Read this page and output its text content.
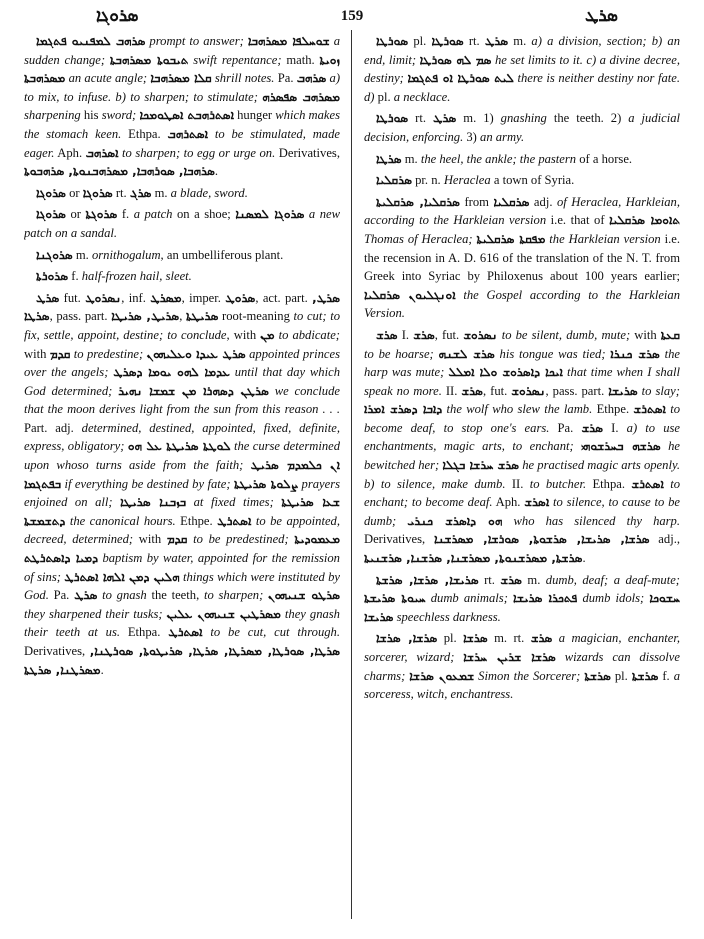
ܣܪܘܓܐ	159	ܣܪܛ

ܣܪܗܒ ܠܡܦܢܝܘ ܦܬܓܡܐ prompt to answer; ܫܘܚܠܦܐ ܡܣܪܗܒܐ a sudden change; ܬܝܒܘܬܐ ܡܣܪܗܒܬܐ swift repentance; math. ܙܘܝܬܐ ܡܣܪܗܒܬܐ an acute angle; ܩܠܐ ܡܣܪܗܒܐ shrill notes. Pa. ܣܪܗܒ a) to mix, to infuse. b) to sharpen; to stimulate; ܡܣܪܗܒ ܣܦܣܪܗ sharpening his sword; ܐܣܬܪܗܒܬ ܐܣܛܘܡܟܐ hunger which makes the stomach keen. Ethpa. ܐܣܬܪܗܒ to be stimulated, made eager. Aph. ܐܣܪܗܒ to sharpen; to egg or urge on. Derivatives, ܣܪܗܒܐ, ܣܘܪܗܒܐ, ܡܣܪܗܒܢܘܬܐ, ܣܪܗܒܘܬܐ.

ܣܪܘܓܐ or ܣܪܘܓܐ rt. ܣܪܓ m. a blade, sword.

ܣܪܘܓܐ or ܣܪܘܓܬܐ f. a patch on a shoe; ܣܪܘܓܐ ܠܡܣܢܐ a new patch on a sandal.

ܣܪܘܓܢܐ m. ornithogalum, an umbelliferous plant.

ܣܪܘܪܬܐ f. half-frozen hail, sleet.

ܣܪܛ fut. ܢܣܪܘܛ, inf. ܡܣܪܛ, imper. ܣܪܘܛ, act. part. ܣܪܛ, ܣܪܛܐ, pass. part. ܣܪܝܛ, ܣܪܝܛܐ, ܣܪܝܛܬܐ root-meaning to cut; to fix, settle, appoint, destine; to conclude, with ܡܢ to abdicate; with ܩܕܡ to predestine; ܣܪܛ ܥܝܕܐ ܘܥܠܝܗܘܢ appointed princes over the angels; ܥܕܡܐ ܠܗܘ ܝܘܡܐ ܕܣܪܛ until that day which God determined; ܣܪܛܢ ܕܣܗܪܐ ܡܢ ܫܡܫܐ ܢܗܝܪ we conclude that the moon derives light from the sun from this reason . . . Part. adj. determined, destined, appointed, fixed, definite, express, obligatory; ܠܘܛܬܐ ܣܪܝܛܬܐ ܥܠ ܗܘ the curse determined upon whoso turns aside from the faith; ܐܢ ܟܠܡܕܡ ܣܪܝܛ ܒܦܬܓܡܐ if everything be destined by fate; ܨܠܘܬܐ ܣܪܝܛܬܐ prayers enjoined on all; ܒܙܒܢܐ ܣܪܝܛܐ at fixed times; ܫܥܐ ܣܪܝܛܬܐ ܕܬܫܡܫܬܐ the canonical hours. Ethpe. ܐܣܬܪܛ to be appointed, decreed, determined; with ܩܕܡ to be predestined; ܡܥܡܘܕܝܬܐ ܕܡܝܐ ܕܐܣܬܪܛܬ baptism by water, appointed for the remission of sins; ܗܠܝܢ ܕܡܢ ܐܠܗܐ ܐܣܬܪܛ things which were instituted by God. Pa. ܣܪܛ to gnash the teeth, to sharpen; ܣܪܛܘ ܫܢܝܗܘܢ they sharpened their tusks; ܡܣܪܛܝܢ ܫܢܝܗܘܢ ܥܠܝܢ they gnash their teeth at us. Ethpa. ܐܣܬܪܛ to be cut, cut through. Derivatives, ܣܪܛܐ, ܣܘܪܛܐ, ܡܣܪܛܐ, ܣܪܛܐ, ܣܪܝܛܘܬܐ, ܣܘܪܛܢܐ, ܡܣܪܛܢܐ, ܣܪܛܬܐ.

ܣܘܪܛܐ pl. ܣܘܪܛܐ rt. ܣܪܛ m. a) a division, section; b) an end, limit; ܣܡ ܠܗ ܣܘܪܛܐ he set limits to it. c) a divine decree, destiny; ܠܝܬ ܣܘܪܛܐ ܐܘ ܦܬܓܡܐ there is neither destiny nor fate. d) pl. a necklace.

ܣܘܪܛܐ rt. ܣܪܛ m. 1) gnashing the teeth. 2) a judicial decision, enforcing. 3) an army.

ܣܪܛܐ m. the heel, the ankle; the pastern of a horse.

ܣܪܩܠܝܐ pr. n. Heraclea a town of Syria.

ܣܪܩܠܝܐ, ܣܪܩܠܝܬܐ from ܣܪܩܠܝܐ adj. of Heraclea, Harkleian, according to the Harkleian version i.e. that of ܬܐܘܡܐ ܣܪܩܠܝܐ Thomas of Heraclea; ܡܦܩܬܐ ܣܪܩܠܝܬܐ the Harkleian version i.e. the recension in A. D. 616 of the translation of the N. T. from Greek into Syriac by Philoxenus about 100 years earlier; ܐܘܢܓܠܝܘܢ ܣܪܩܠܝܐ the Gospel according to the Harkleian Version.

ܣܪܫ I. ܣܪܫ, fut. ܢܣܪܘܫ to be silent, dumb, mute; with ܩܥܬܐ to be hoarse; ܣܪܫ ܠܫܢܗ his tongue was tied; ܣܪܫ ܟܢܪܐ the harp was mute; ܐܝܟܐ ܕܐܣܪܘܫ ܘܠܐ ܐܡܠܠ that time when I shall speak no more. II. ܣܪܫ, fut. ܢܣܪܘܫ, pass. part. ܣܪܝܫܐ to slay; ܕܐܒܐ ܕܣܪܫ ܐܡܪܐ the wolf who slew the lamb. Ethpe. ܐܣܬܪܫ to become deaf, to stop one's ears. Pa. ܣܪܫ I. a) to use enchantments, magic arts, to enchant; ܣܪܫܗ ܒܚܪܫܘܗܝ he bewitched her; ܣܪܫ ܚܪܫܐ ܒܓܠܐ he practised magic arts openly. b) to silence, make dumb. II. to butcher. Ethpa. ܐܣܬܪܫ to enchant; to become deaf. Aph. ܐܣܪܫ to silence, to cause to be dumb; ܗܘ ܕܐܣܪܫ ܟܢܪܝ who has silenced thy harp. Derivatives, ܣܪܫܐ, ܣܪܝܫܐ, ܣܪܫܘܬܐ, ܣܘܪܫܐ, ܡܣܪܫܢܐ adj., ܣܪܫܬܐ, ܡܣܪܫܢܘܬܐ, ܡܣܪܫܢܐ, ܣܪܫܢܐ, ܣܪܫܢܝܬܐ.

ܣܪܝܫܐ, ܣܪܫܐ, ܣܪܫܬܐ rt. ܣܪܫ m. dumb, deaf; a deaf-mute; ܚܝܘܬܐ ܣܪܝܫܬܐ dumb animals; ܦܬܟܪܐ ܣܪܝܫܐ dumb idols; ܚܫܘܟܐ ܣܪܝܫܐ speechless darkness.

ܣܪܫܐ, ܣܪܫܐ pl. ܣܪܫܐ m. rt. ܣܪܫ a magician, enchanter, sorcerer, wizard; ܣܪܫܐ ܫܪܝܢ ܚܪܫܐ wizards can dissolve charms; ܫܡܥܘܢ ܣܪܫܐ Simon the Sorcerer; ܣܪܫܬܐ pl. ܣܪܫܬܐ f. a sorceress, witch, enchantress.
